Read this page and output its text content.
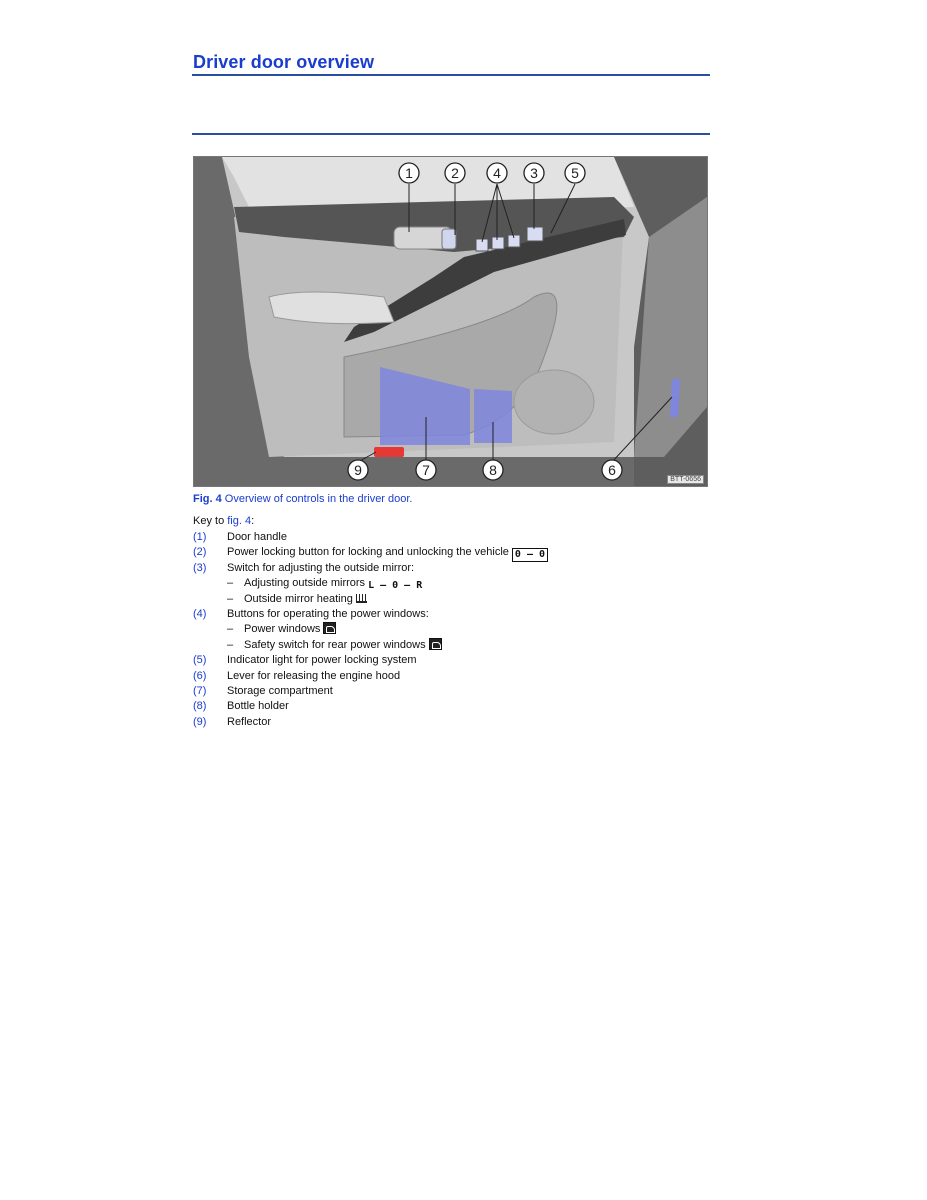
Driver door overview
1	2 4 3 5
6
9	7	8
BTT-0656
Fig. 4 Overview of controls in the driver door.
Key to fig. 4:
(1) Door handle
(2) Power locking button for locking and unlocking the vehicle 0 – 0
(3) Switch for adjusting the outside mirror:
– Adjusting outside mirrors L – 0 – R
– Outside mirror heating
(4) Buttons for operating the power windows:
– Power windows
– Safety switch for rear power windows
(5) Indicator light for power locking system
(6) Lever for releasing the engine hood
(7) Storage compartment
(8) Bottle holder
(9) Reflector
